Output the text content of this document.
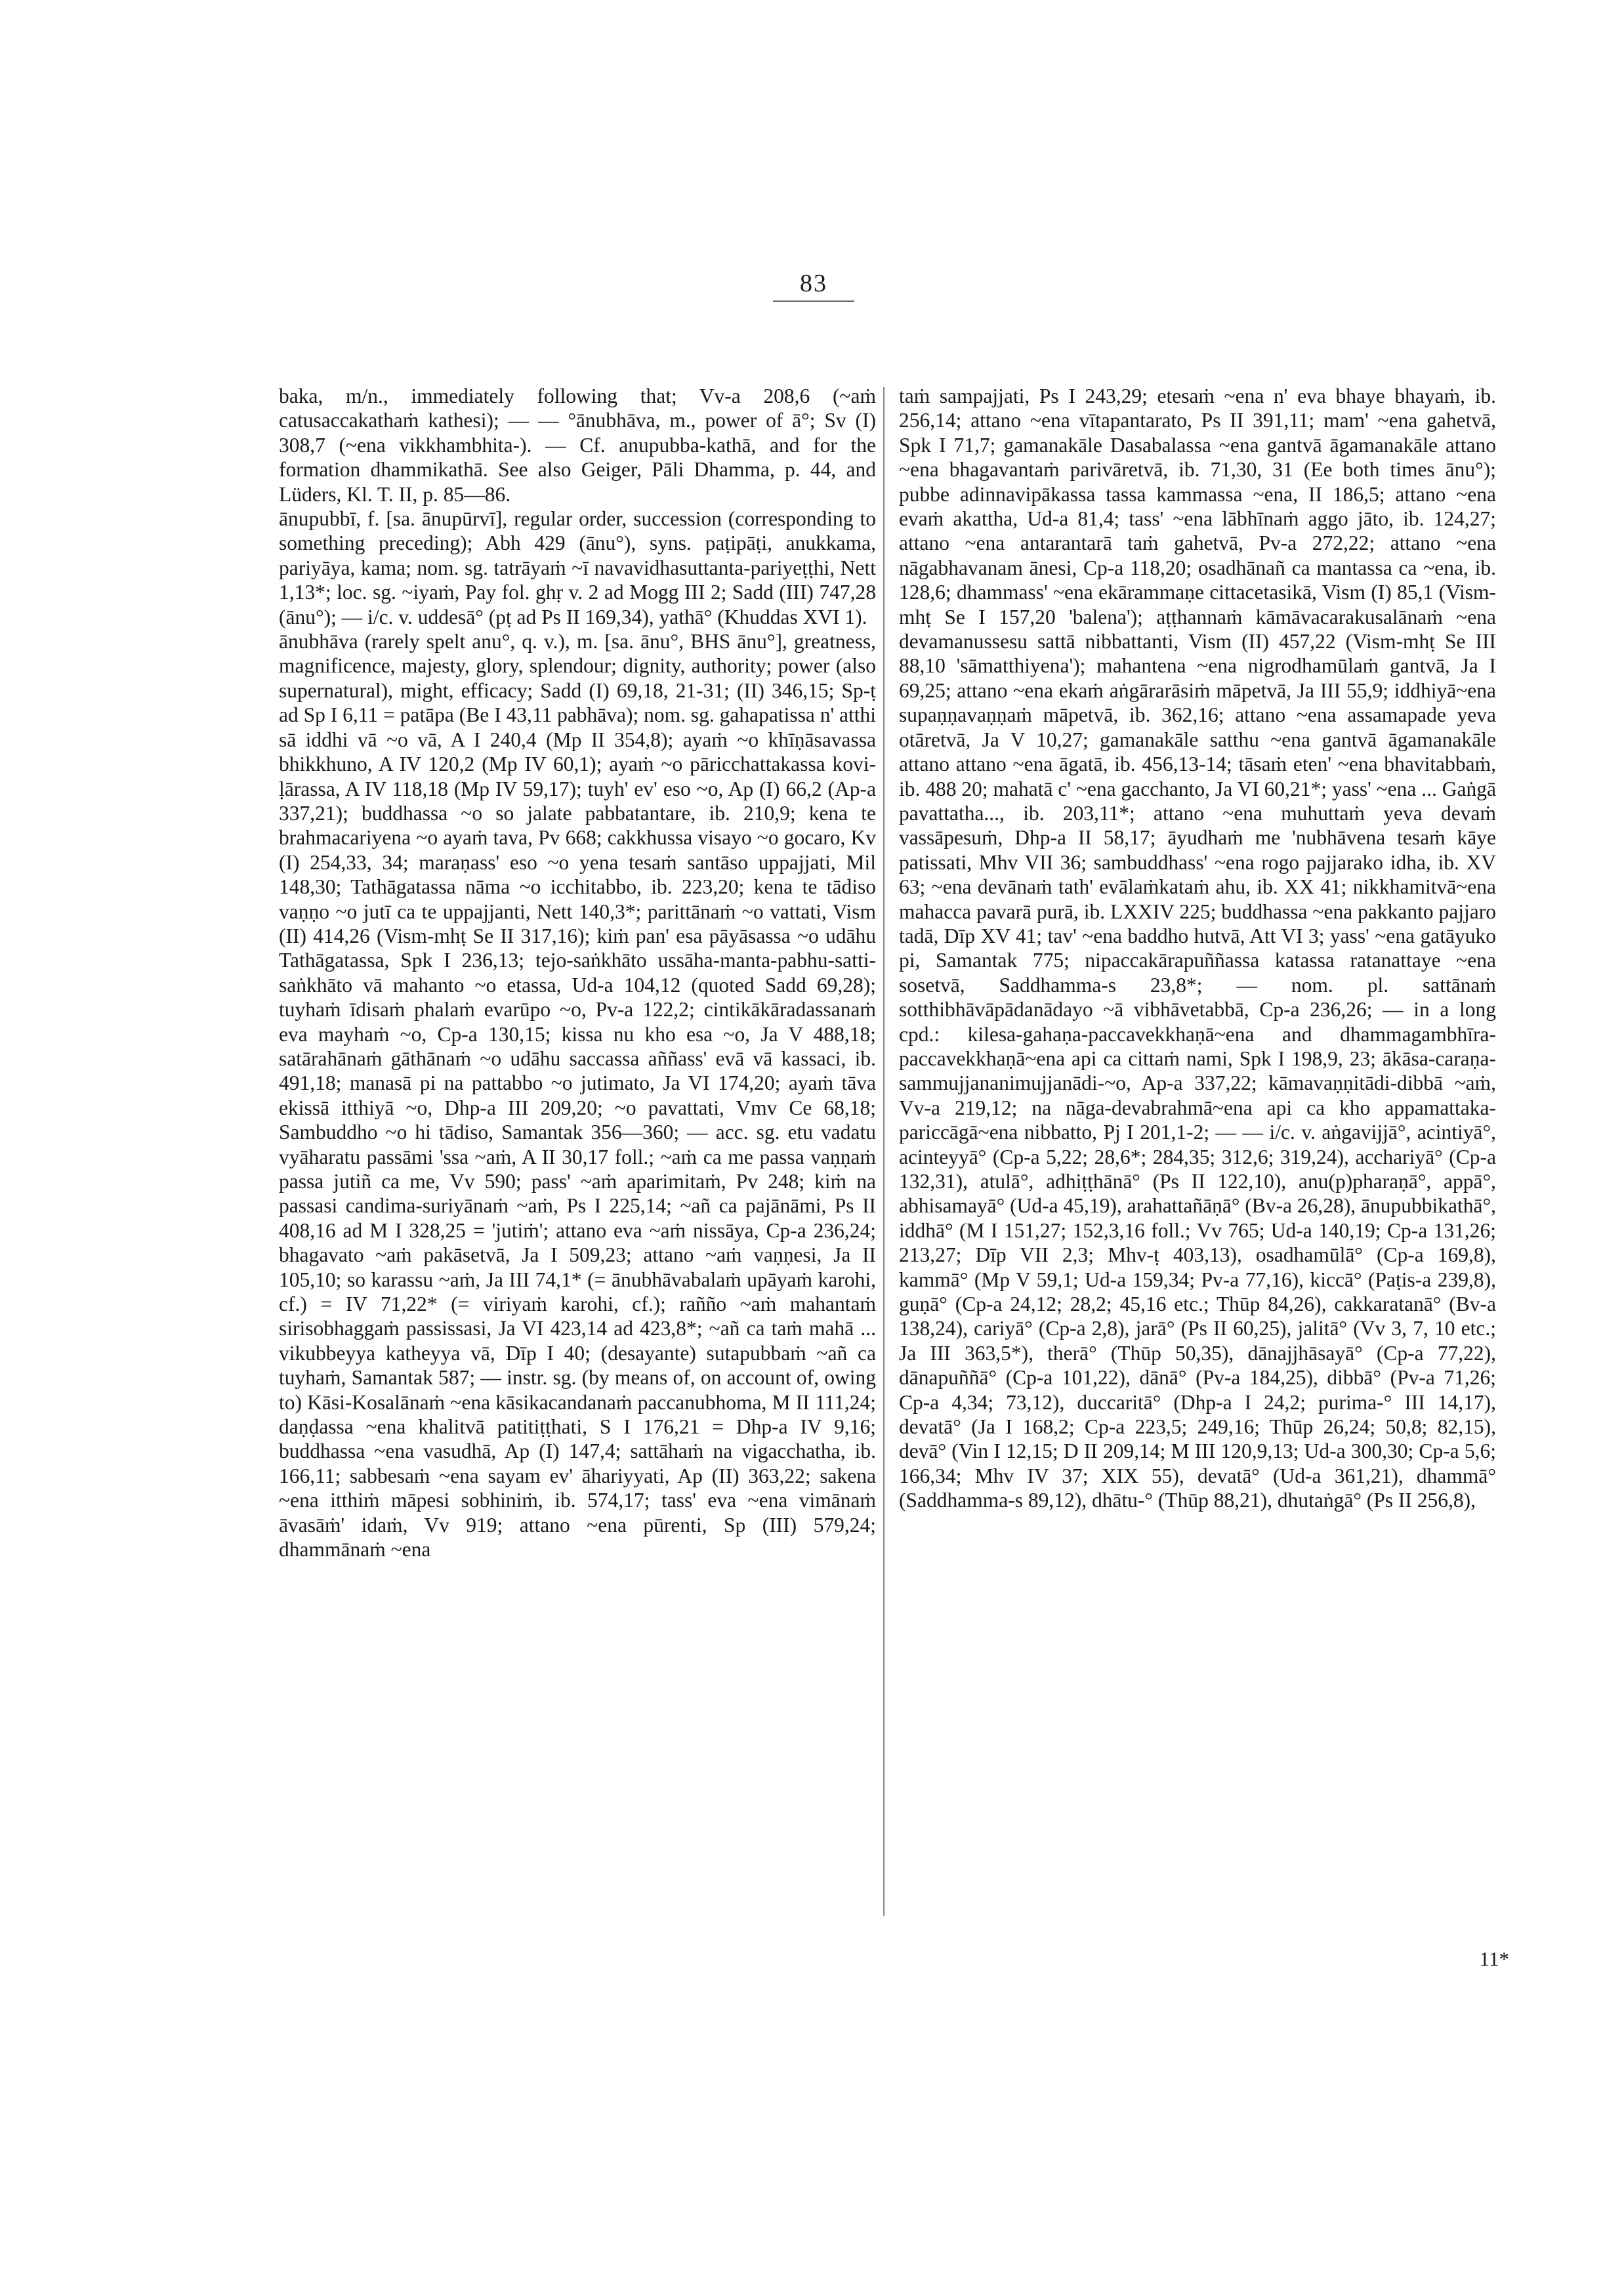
83

baka, m/n., immediately following that; Vv-a 208,6 (~aṁ catusaccakathaṁ kathesi); — — °ānubhāva, m., power of ā°; Sv (I) 308,7 (~ena vikkhambhita-). — Cf. anupubba-kathā, and for the formation dhammikathā. See also Geiger, Pāli Dhamma, p. 44, and Lüders, Kl. T. II, p. 85—86.

ānupubbī, f. [sa. ānupūrvī], regular order, succession (corresponding to something preceding); Abh 429 (ānu°), syns. paṭipāṭi, anukkama, pariyāya, kama; nom. sg. tatrāyaṁ ~ī navavidhasuttanta-pariyeṭṭhi, Nett 1,13*; loc. sg. ~iyaṁ, Pay fol. ghṛ v. 2 ad Mogg III 2; Sadd (III) 747,28 (ānu°); — i/c. v. uddesā° (pṭ ad Ps II 169,34), yathā° (Khuddas XVI 1).

ānubhāva (rarely spelt anu°, q. v.), m. [sa. ānu°, BHS ānu°], greatness, magnificence, majesty, glory, splendour; dignity, authority; power (also supernatural), might, efficacy; Sadd (I) 69,18, 21-31; (II) 346,15; Sp-ṭ ad Sp I 6,11 = patāpa (Be I 43,11 pabhāva); nom. sg. gahapatissa n' atthi sā iddhi vā ~o vā, A I 240,4 (Mp II 354,8); ayaṁ ~o khīṇāsavassa bhikkhuno, A IV 120,2 (Mp IV 60,1); ayaṁ ~o pāricchattakassa kovi-ḷārassa, A IV 118,18 (Mp IV 59,17); tuyh' ev' eso ~o, Ap (I) 66,2 (Ap-a 337,21); buddhassa ~o so jalate pabbatantare, ib. 210,9; kena te brahmacariyena ~o ayaṁ tava, Pv 668; cakkhussa visayo ~o gocaro, Kv (I) 254,33, 34; maraṇass' eso ~o yena tesaṁ santāso uppajjati, Mil 148,30; Tathāgatassa nāma ~o icchitabbo, ib. 223,20; kena te tādiso vaṇṇo ~o jutī ca te uppajjanti, Nett 140,3*; parittānaṁ ~o vattati, Vism (II) 414,26 (Vism-mhṭ Se II 317,16); kiṁ pan' esa pāyāsassa ~o udāhu Tathāgatassa, Spk I 236,13; tejo-saṅkhāto ussāha-manta-pabhu-satti-saṅkhāto vā mahanto ~o etassa, Ud-a 104,12 (quoted Sadd 69,28); tuyhaṁ īdisaṁ phalaṁ evarūpo ~o, Pv-a 122,2; cintikākāradassanaṁ eva mayhaṁ ~o, Cp-a 130,15; kissa nu kho esa ~o, Ja V 488,18; satārahānaṁ gāthānaṁ ~o udāhu saccassa aññass' evā vā kassaci, ib. 491,18; manasā pi na pattabbo ~o jutimato, Ja VI 174,20; ayaṁ tāva ekissā itthiyā ~o, Dhp-a III 209,20; ~o pavattati, Vmv Ce 68,18; Sambuddho ~o hi tādiso, Samantak 356—360; — acc. sg. etu vadatu vyāharatu passāmi 'ssa ~aṁ, A II 30,17 foll.; ~aṁ ca me passa vaṇṇaṁ passa jutiñ ca me, Vv 590; pass' ~aṁ aparimitaṁ, Pv 248; kiṁ na passasi candima-suriyānaṁ ~aṁ, Ps I 225,14; ~añ ca pajānāmi, Ps II 408,16 ad M I 328,25 = 'jutiṁ'; attano eva ~aṁ nissāya, Cp-a 236,24; bhagavato ~aṁ pakāsetvā, Ja I 509,23; attano ~aṁ vaṇṇesi, Ja II 105,10; so karassu ~aṁ, Ja III 74,1* (= ānubhāvabalaṁ upāyaṁ karohi, cf.) = IV 71,22* (= viriyaṁ karohi, cf.); rañño ~aṁ mahantaṁ sirisobhaggaṁ passissasi, Ja VI 423,14 ad 423,8*; ~añ ca taṁ mahā ... vikubbeyya katheyya vā, Dīp I 40; (desayante) sutapubbaṁ ~añ ca tuyhaṁ, Samantak 587; — instr. sg. (by means of, on account of, owing to) Kāsi-Kosalānaṁ ~ena kāsikacandanaṁ paccanubhoma, M II 111,24; daṇḍassa ~ena khalitvā patitiṭṭhati, S I 176,21 = Dhp-a IV 9,16; buddhassa ~ena vasudhā, Ap (I) 147,4; sattāhaṁ na vigacchatha, ib. 166,11; sabbesaṁ ~ena sayam ev' āhariyyati, Ap (II) 363,22; sakena ~ena itthiṁ māpesi sobhiniṁ, ib. 574,17; tass' eva ~ena vimānaṁ āvasāṁ' idaṁ, Vv 919; attano ~ena pūrenti, Sp (III) 579,24; dhammānaṁ ~ena

taṁ sampajjati, Ps I 243,29; etesaṁ ~ena n' eva bhaye bhayaṁ, ib. 256,14; attano ~ena vītapantarato, Ps II 391,11; mam' ~ena gahetvā, Spk I 71,7; gamanakāle Dasabalassa ~ena gantvā āgamanakāle attano ~ena bhagavantaṁ parivāretvā, ib. 71,30, 31 (Ee both times ānu°); pubbe adinnavipākassa tassa kammassa ~ena, II 186,5; attano ~ena evaṁ akattha, Ud-a 81,4; tass' ~ena lābhīnaṁ aggo jāto, ib. 124,27; attano ~ena antarantarā taṁ gahetvā, Pv-a 272,22; attano ~ena nāgabhavanam ānesi, Cp-a 118,20; osadhānañ ca mantassa ca ~ena, ib. 128,6; dhammass' ~ena ekārammaṇe cittacetasikā, Vism (I) 85,1 (Vism-mhṭ Se I 157,20 'balena'); aṭṭhannaṁ kāmāvacarakusalānaṁ ~ena devamanussesu sattā nibbattanti, Vism (II) 457,22 (Vism-mhṭ Se III 88,10 'sāmatthiyena'); mahantena ~ena nigrodhamūlaṁ gantvā, Ja I 69,25; attano ~ena ekaṁ aṅgārarāsiṁ māpetvā, Ja III 55,9; iddhiyā~ena supaṇṇavaṇṇaṁ māpetvā, ib. 362,16; attano ~ena assamapade yeva otāretvā, Ja V 10,27; gamanakāle satthu ~ena gantvā āgamanakāle attano attano ~ena āgatā, ib. 456,13-14; tāsaṁ eten' ~ena bhavitabbaṁ, ib. 488 20; mahatā c' ~ena gacchanto, Ja VI 60,21*; yass' ~ena ... Gaṅgā pavattatha..., ib. 203,11*; attano ~ena muhuttaṁ yeva devaṁ vassāpesuṁ, Dhp-a II 58,17; āyudhaṁ me 'nubhāvena tesaṁ kāye patissati, Mhv VII 36; sambuddhass' ~ena rogo pajjarako idha, ib. XV 63; ~ena devānaṁ tath' evālaṁkataṁ ahu, ib. XX 41; nikkhamitvā~ena mahacca pavarā purā, ib. LXXIV 225; buddhassa ~ena pakkanto pajjaro tadā, Dīp XV 41; tav' ~ena baddho hutvā, Att VI 3; yass' ~ena gatāyuko pi, Samantak 775; nipaccakārapuññassa katassa ratanattaye ~ena sosetvā, Saddhamma-s 23,8*; — nom. pl. sattānaṁ sotthibhāvāpādanādayo ~ā vibhāvetabbā, Cp-a 236,26; — in a long cpd.: kilesa-gahaṇa-paccavekkhaṇā~ena and dhammagambhīra-paccavekkhaṇā~ena api ca cittaṁ nami, Spk I 198,9, 23; ākāsa-caraṇa-sammujjananimujjanādi-~o, Ap-a 337,22; kāmavaṇṇitādi-dibbā ~aṁ, Vv-a 219,12; na nāga-devabrahmā~ena api ca kho appamattaka-pariccāgā~ena nibbatto, Pj I 201,1-2; — — i/c. v. aṅgavijjā°, acintiyā°, acinteyyā° (Cp-a 5,22; 28,6*; 284,35; 312,6; 319,24), acchariyā° (Cp-a 132,31), atulā°, adhiṭṭhānā° (Ps II 122,10), anu(p)pharaṇā°, appā°, abhisamayā° (Ud-a 45,19), arahattañāṇā° (Bv-a 26,28), ānupubbikathā°, iddhā° (M I 151,27; 152,3,16 foll.; Vv 765; Ud-a 140,19; Cp-a 131,26; 213,27; Dīp VII 2,3; Mhv-ṭ 403,13), osadhamūlā° (Cp-a 169,8), kammā° (Mp V 59,1; Ud-a 159,34; Pv-a 77,16), kiccā° (Paṭis-a 239,8), guṇā° (Cp-a 24,12; 28,2; 45,16 etc.; Thūp 84,26), cakkaratanā° (Bv-a 138,24), cariyā° (Cp-a 2,8), jarā° (Ps II 60,25), jalitā° (Vv 3, 7, 10 etc.; Ja III 363,5*), therā° (Thūp 50,35), dānajjhāsayā° (Cp-a 77,22), dānapuññā° (Cp-a 101,22), dānā° (Pv-a 184,25), dibbā° (Pv-a 71,26; Cp-a 4,34; 73,12), duccaritā° (Dhp-a I 24,2; purima-° III 14,17), devatā° (Ja I 168,2; Cp-a 223,5; 249,16; Thūp 26,24; 50,8; 82,15), devā° (Vin I 12,15; D II 209,14; M III 120,9,13; Ud-a 300,30; Cp-a 5,6; 166,34; Mhv IV 37; XIX 55), devatā° (Ud-a 361,21), dhammā° (Saddhamma-s 89,12), dhātu-° (Thūp 88,21), dhutaṅgā° (Ps II 256,8),

11*
